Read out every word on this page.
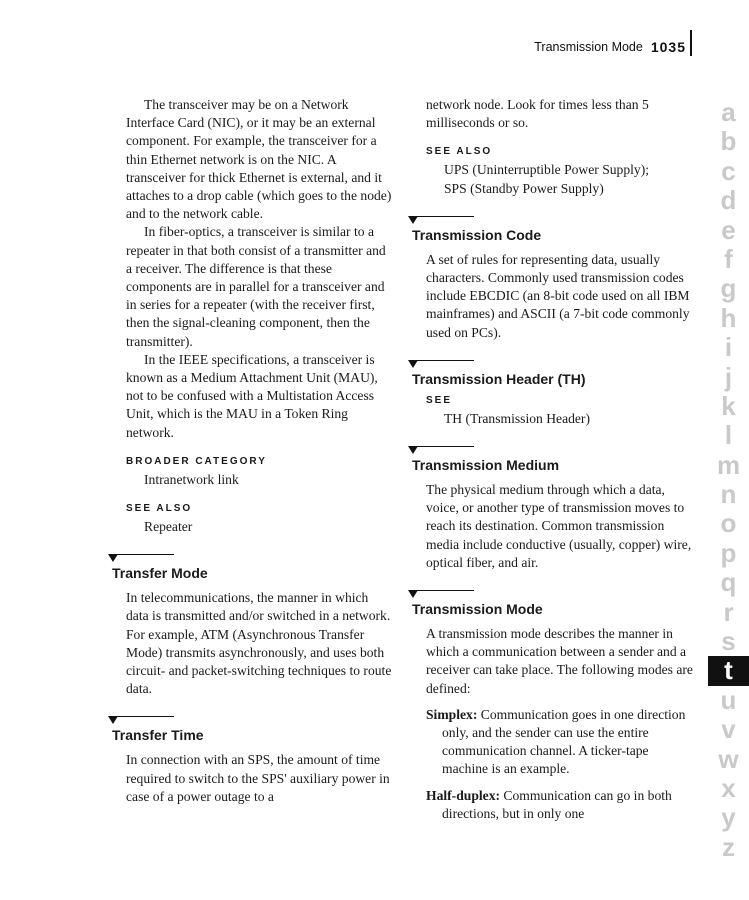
Transmission Mode 1035

The transceiver may be on a Network Interface Card (NIC), or it may be an external component. For example, the transceiver for a thin Ethernet network is on the NIC. A transceiver for thick Ethernet is external, and it attaches to a drop cable (which goes to the node) and to the network cable.

In fiber-optics, a transceiver is similar to a repeater in that both consist of a transmitter and a receiver. The difference is that these components are in parallel for a transceiver and in series for a repeater (with the receiver first, then the signal-cleaning component, then the transmitter).

In the IEEE specifications, a transceiver is known as a Medium Attachment Unit (MAU), not to be confused with a Multistation Access Unit, which is the MAU in a Token Ring network.

BROADER CATEGORY
Intranetwork link
SEE ALSO
Repeater
Transfer Mode

In telecommunications, the manner in which data is transmitted and/or switched in a network. For example, ATM (Asynchronous Transfer Mode) transmits asynchronously, and uses both circuit- and packet-switching techniques to route data.

Transfer Time

In connection with an SPS, the amount of time required to switch to the SPS' auxiliary power in case of a power outage to a

network node. Look for times less than 5 milliseconds or so.

SEE ALSO
UPS (Uninterruptible Power Supply);
SPS (Standby Power Supply)
Transmission Code

A set of rules for representing data, usually characters. Commonly used transmission codes include EBCDIC (an 8-bit code used on all IBM mainframes) and ASCII (a 7-bit code commonly used on PCs).

Transmission Header (TH)
SEE
TH (Transmission Header)
Transmission Medium

The physical medium through which a data, voice, or another type of transmission moves to reach its destination. Common transmission media include conductive (usually, copper) wire, optical fiber, and air.

Transmission Mode

A transmission mode describes the manner in which a communication between a sender and a receiver can take place. The following modes are defined:

Simplex: Communication goes in one direction only, and the sender can use the entire communication channel. A ticker-tape machine is an example.
Half-duplex: Communication can go in both directions, but in only one
a
b
c
d
e
f
g
h
i
j
k
l
m
n
o
p
q
r
s
t
u
v
w
x
y
z
